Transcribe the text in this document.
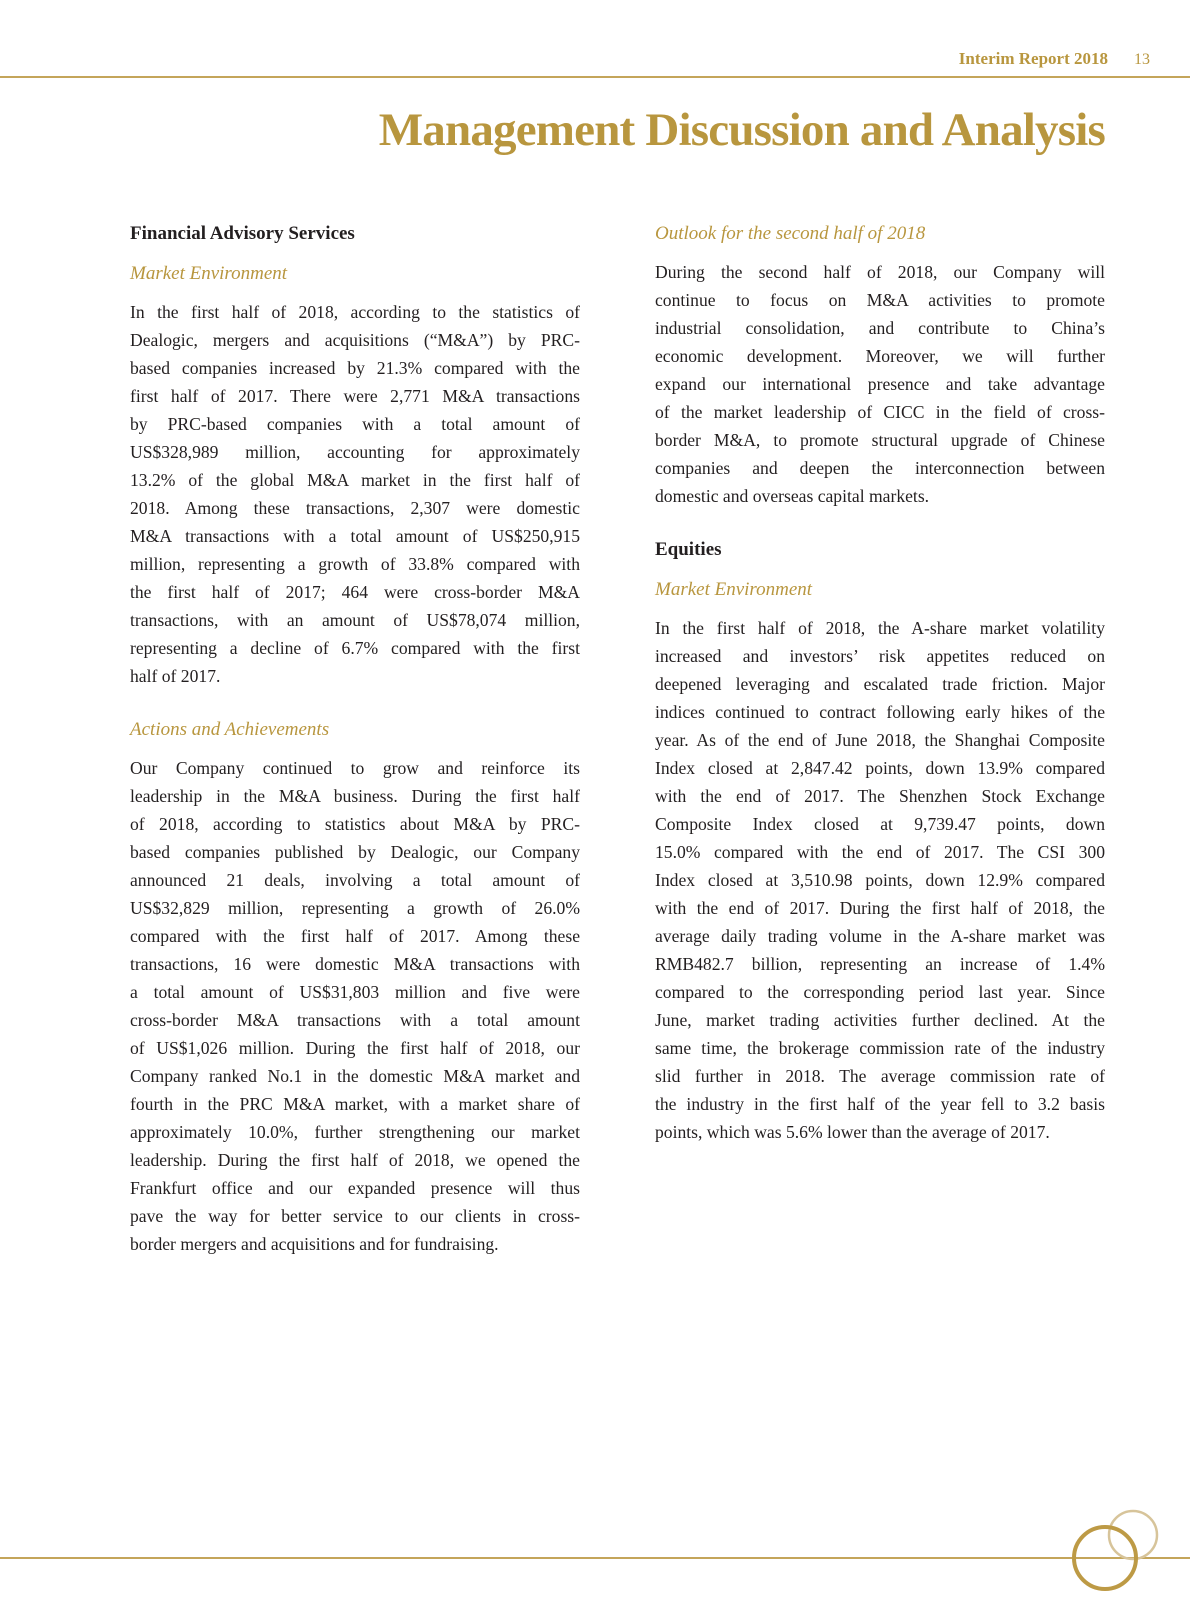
Interim Report 2018 13
Management Discussion and Analysis
Financial Advisory Services
Market Environment

In the first half of 2018, according to the statistics of
Dealogic, mergers and acquisitions (“M&A”) by PRC-
based companies increased by 21.3% compared with the
first half of 2017. There were 2,771 M&A transactions
by PRC-based companies with a total amount of
US$328,989 million, accounting for approximately
13.2% of the global M&A market in the first half of
2018. Among these transactions, 2,307 were domestic
M&A transactions with a total amount of US$250,915
million, representing a growth of 33.8% compared with
the first half of 2017; 464 were cross-border M&A
transactions, with an amount of US$78,074 million,
representing a decline of 6.7% compared with the first
half of 2017.

Actions and Achievements

Our Company continued to grow and reinforce its
leadership in the M&A business. During the first half
of 2018, according to statistics about M&A by PRC-
based companies published by Dealogic, our Company
announced 21 deals, involving a total amount of
US$32,829 million, representing a growth of 26.0%
compared with the first half of 2017. Among these
transactions, 16 were domestic M&A transactions with
a total amount of US$31,803 million and five were
cross-border M&A transactions with a total amount
of US$1,026 million. During the first half of 2018, our
Company ranked No.1 in the domestic M&A market and
fourth in the PRC M&A market, with a market share of
approximately 10.0%, further strengthening our market
leadership. During the first half of 2018, we opened the
Frankfurt office and our expanded presence will thus
pave the way for better service to our clients in cross-
border mergers and acquisitions and for fundraising.

Outlook for the second half of 2018

During the second half of 2018, our Company will
continue to focus on M&A activities to promote
industrial consolidation, and contribute to China’s
economic development. Moreover, we will further
expand our international presence and take advantage
of the market leadership of CICC in the field of cross-
border M&A, to promote structural upgrade of Chinese
companies and deepen the interconnection between
domestic and overseas capital markets.

Equities
Market Environment

In the first half of 2018, the A-share market volatility
increased and investors’ risk appetites reduced on
deepened leveraging and escalated trade friction. Major
indices continued to contract following early hikes of the
year. As of the end of June 2018, the Shanghai Composite
Index closed at 2,847.42 points, down 13.9% compared
with the end of 2017. The Shenzhen Stock Exchange
Composite Index closed at 9,739.47 points, down
15.0% compared with the end of 2017. The CSI 300
Index closed at 3,510.98 points, down 12.9% compared
with the end of 2017. During the first half of 2018, the
average daily trading volume in the A-share market was
RMB482.7 billion, representing an increase of 1.4%
compared to the corresponding period last year. Since
June, market trading activities further declined. At the
same time, the brokerage commission rate of the industry
slid further in 2018. The average commission rate of
the industry in the first half of the year fell to 3.2 basis
points, which was 5.6% lower than the average of 2017.
